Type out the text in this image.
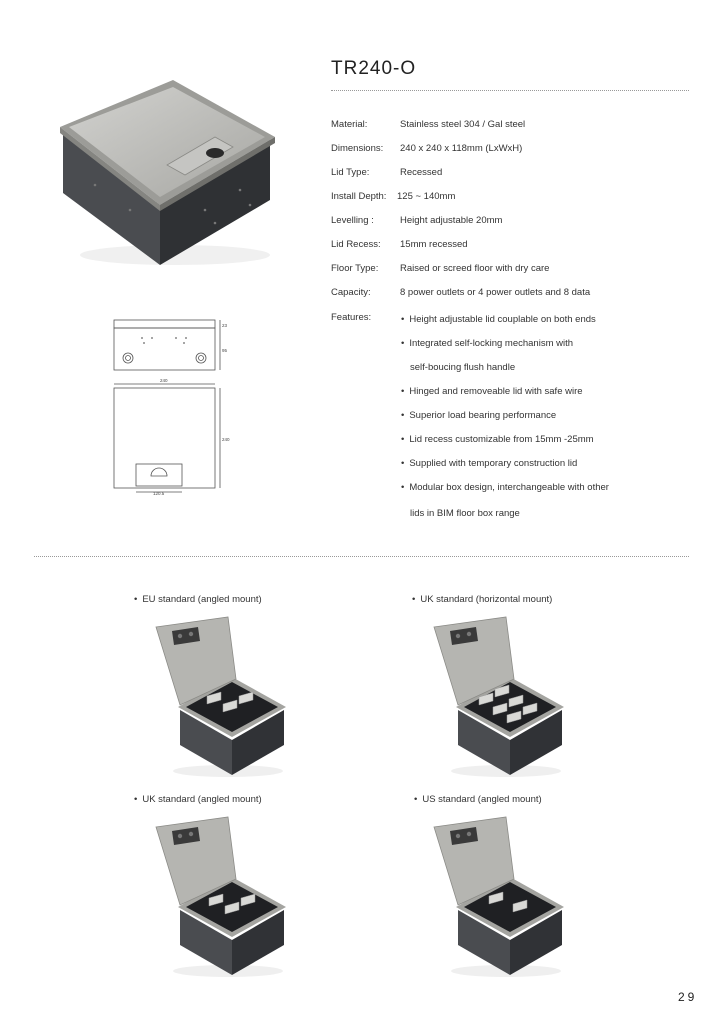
TR240-O
23
95
240
240
120.5
Material:	Stainless steel 304 / Gal steel
Dimensions: 240 x 240 x 118mm (LxWxH)
Lid Type:	Recessed
Install Depth: 125 ~ 140mm
Levelling :	Height adjustable 20mm
Lid Recess: 15mm recessed
Floor Type: Raised or screed floor with dry care
Capacity:	8 power outlets or 4 power outlets and 8 data
Features:	• Height adjustable lid couplable on both ends
• Integrated self-locking mechanism with
self-boucing flush handle
• Hinged and removeable lid with safe wire
• Superior load bearing performance
• Lid recess customizable from 15mm -25mm
• Supplied with temporary construction lid
• Modular box design, interchangeable with other
lids in BIM floor box range
• EU standard (angled mount)	• UK standard (horizontal mount)
• UK standard (angled mount)	• US standard (angled mount)
29
